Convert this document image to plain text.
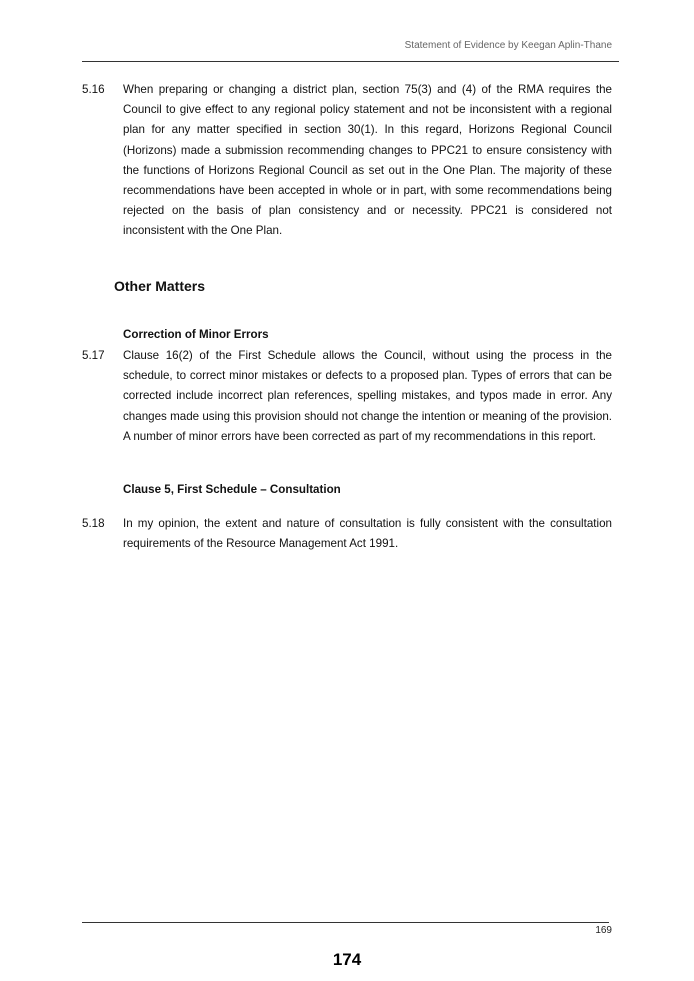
Statement of Evidence by Keegan Aplin-Thane
5.16 When preparing or changing a district plan, section 75(3) and (4) of the RMA requires the Council to give effect to any regional policy statement and not be inconsistent with a regional plan for any matter specified in section 30(1). In this regard, Horizons Regional Council (Horizons) made a submission recommending changes to PPC21 to ensure consistency with the functions of Horizons Regional Council as set out in the One Plan. The majority of these recommendations have been accepted in whole or in part, with some recommendations being rejected on the basis of plan consistency and or necessity. PPC21 is considered not inconsistent with the One Plan.
Other Matters
Correction of Minor Errors
5.17 Clause 16(2) of the First Schedule allows the Council, without using the process in the schedule, to correct minor mistakes or defects to a proposed plan. Types of errors that can be corrected include incorrect plan references, spelling mistakes, and typos made in error. Any changes made using this provision should not change the intention or meaning of the provision. A number of minor errors have been corrected as part of my recommendations in this report.
Clause 5, First Schedule – Consultation
5.18 In my opinion, the extent and nature of consultation is fully consistent with the consultation requirements of the Resource Management Act 1991.
169
174
